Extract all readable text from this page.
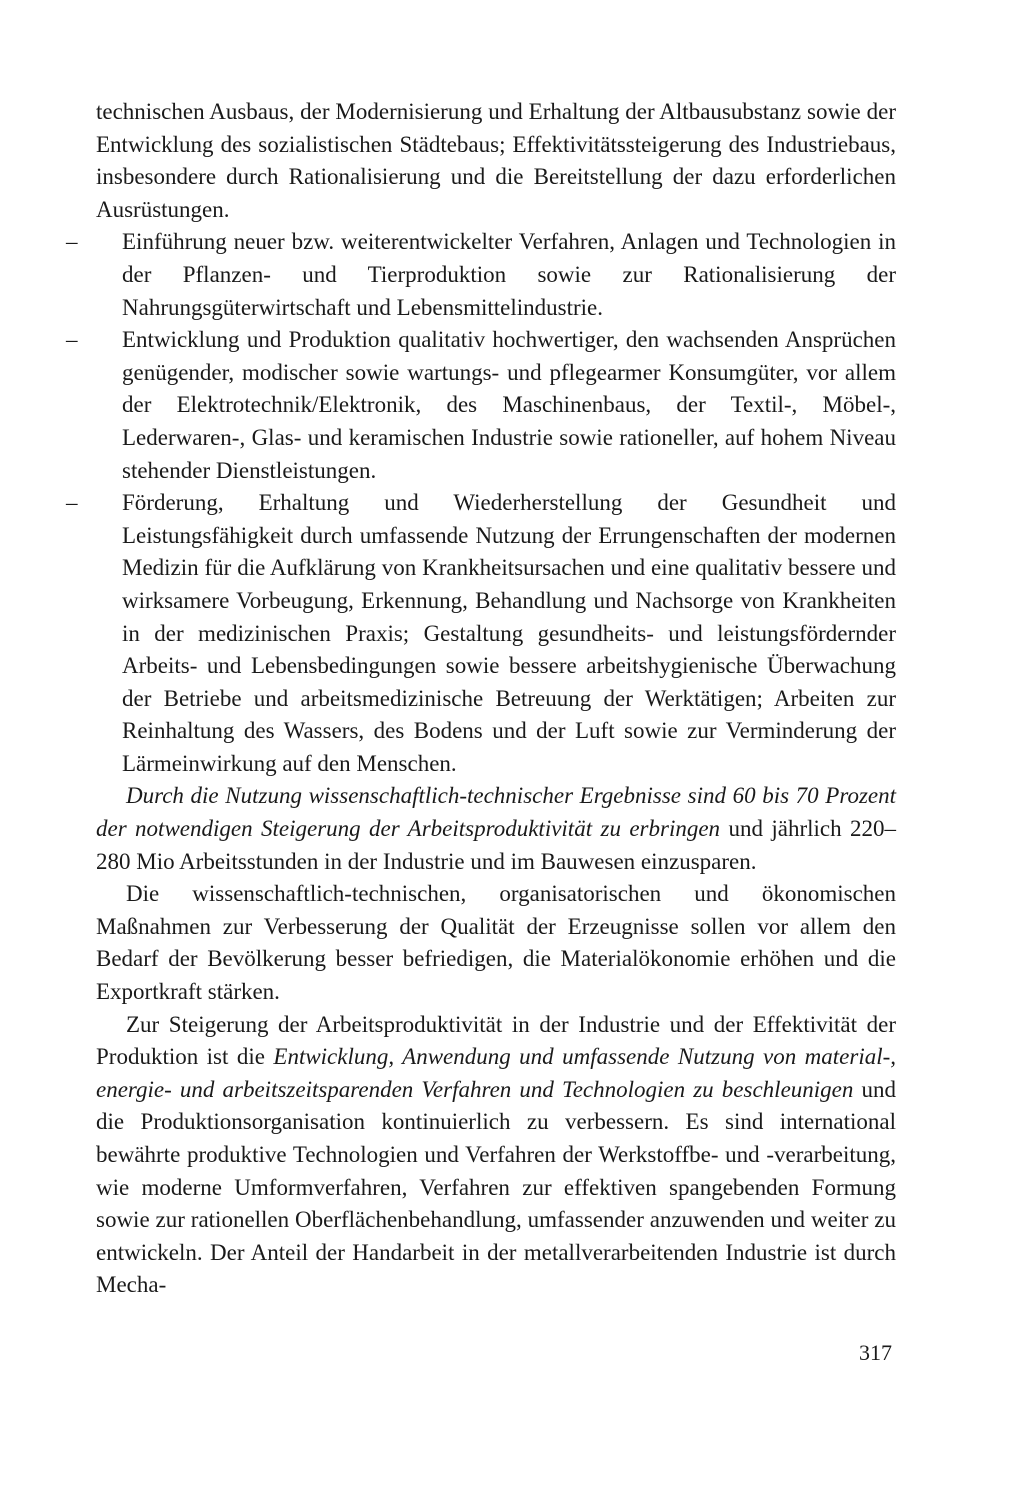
technischen Ausbaus, der Modernisierung und Erhaltung der Altbausubstanz sowie der Entwicklung des sozialistischen Städtebaus; Effektivitätssteigerung des Industriebaus, insbesondere durch Rationalisierung und die Bereitstellung der dazu erforderlichen Ausrüstungen.

– Einführung neuer bzw. weiterentwickelter Verfahren, Anlagen und Technologien in der Pflanzen- und Tierproduktion sowie zur Rationalisierung der Nahrungsgüterwirtschaft und Lebensmittelindustrie.
– Entwicklung und Produktion qualitativ hochwertiger, den wachsenden Ansprüchen genügender, modischer sowie wartungs- und pflegearmer Konsumgüter, vor allem der Elektrotechnik/Elektronik, des Maschinenbaus, der Textil-, Möbel-, Lederwaren-, Glas- und keramischen Industrie sowie rationeller, auf hohem Niveau stehender Dienstleistungen.
– Förderung, Erhaltung und Wiederherstellung der Gesundheit und Leistungsfähigkeit durch umfassende Nutzung der Errungenschaften der modernen Medizin für die Aufklärung von Krankheitsursachen und eine qualitativ bessere und wirksamere Vorbeugung, Erkennung, Behandlung und Nachsorge von Krankheiten in der medizinischen Praxis; Gestaltung gesundheits- und leistungsfördernder Arbeits- und Lebensbedingungen sowie bessere arbeitshygienische Überwachung der Betriebe und arbeitsmedizinische Betreuung der Werktätigen; Arbeiten zur Reinhaltung des Wassers, des Bodens und der Luft sowie zur Verminderung der Lärmeinwirkung auf den Menschen.

Durch die Nutzung wissenschaftlich-technischer Ergebnisse sind 60 bis 70 Prozent der notwendigen Steigerung der Arbeitsproduktivität zu erbringen und jährlich 220–280 Mio Arbeitsstunden in der Industrie und im Bauwesen einzusparen.

Die wissenschaftlich-technischen, organisatorischen und ökonomischen Maßnahmen zur Verbesserung der Qualität der Erzeugnisse sollen vor allem den Bedarf der Bevölkerung besser befriedigen, die Materialökonomie erhöhen und die Exportkraft stärken.

Zur Steigerung der Arbeitsproduktivität in der Industrie und der Effektivität der Produktion ist die Entwicklung, Anwendung und umfassende Nutzung von material-, energie- und arbeitszeitsparenden Verfahren und Technologien zu beschleunigen und die Produktionsorganisation kontinuierlich zu verbessern. Es sind international bewährte produktive Technologien und Verfahren der Werkstoffbe- und -verarbeitung, wie moderne Umformverfahren, Verfahren zur effektiven spangebenden Formung sowie zur rationellen Oberflächenbehandlung, umfassender anzuwenden und weiter zu entwickeln. Der Anteil der Handarbeit in der metallverarbeitenden Industrie ist durch Mecha-

317
